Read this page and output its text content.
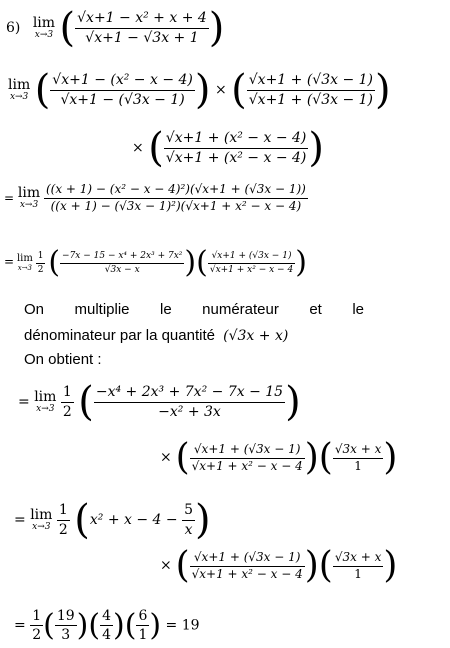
6) lim
x→3 ( $\frac{\text{√x+1 − x² + x + 4}}{√x+1 - √3x + 1}$ )
lim
x→3 ( $\frac{\text{√x+1 − (x² − x − 4)}}{√x+1 - (√3x - 1)}$ ) × ( $\frac{√x+1 + (√3x - 1)}{√x+1 + (√3x - 1)}$ )
× ( $\frac{\text{√x+1 + (x² − x − 4)}}{\text{√x+1 + (x² − x − 4)}}$ )
= lim
x→3
$\frac{\text{((x + 1) − (x² − x − 4)²)(√x+1 + (√3x − 1))}}{\text{((x + 1) − (√3x − 1)²)(√x+1 + x² − x − 4)}}$
= lim
x→3
$\frac{1}{2}$ ( $\frac{\text{−7x − 15 − x⁴ + 2x³ + 7x²}}{√3x - x}$ )( $\frac{√x+1 + (√3x - 1)}{\text{√x+1 + x² − x − 4}}$ )
On multiplie le numérateur et le
dénominateur par la quantité (√3x + x)
On obtient :
= lim
x→3
$\frac{1}{2}$ ( $\frac{\text{−x⁴ + 2x³ + 7x² − 7x − 15}}{\text{−x² + 3x}}$ )
× ( $\frac{√x+1 + (√3x - 1)}{\text{√x+1 + x² − x − 4}}$ )( $\frac{√3x + x}{1}$ )
= lim
x→3
$\frac{1}{2} (x^2 + x - 4 - \frac{5}{x}$ )
× ( $\frac{√x+1 + (√3x - 1)}{\text{√x+1 + x² − x − 4}}$ )( $\frac{√3x + x}{1}$ )
= $\frac{1}{2}$ ( $\frac{19}{3}$ )( $\frac{4}{4}$ )( $\frac{6}{1}$ ) = 19
